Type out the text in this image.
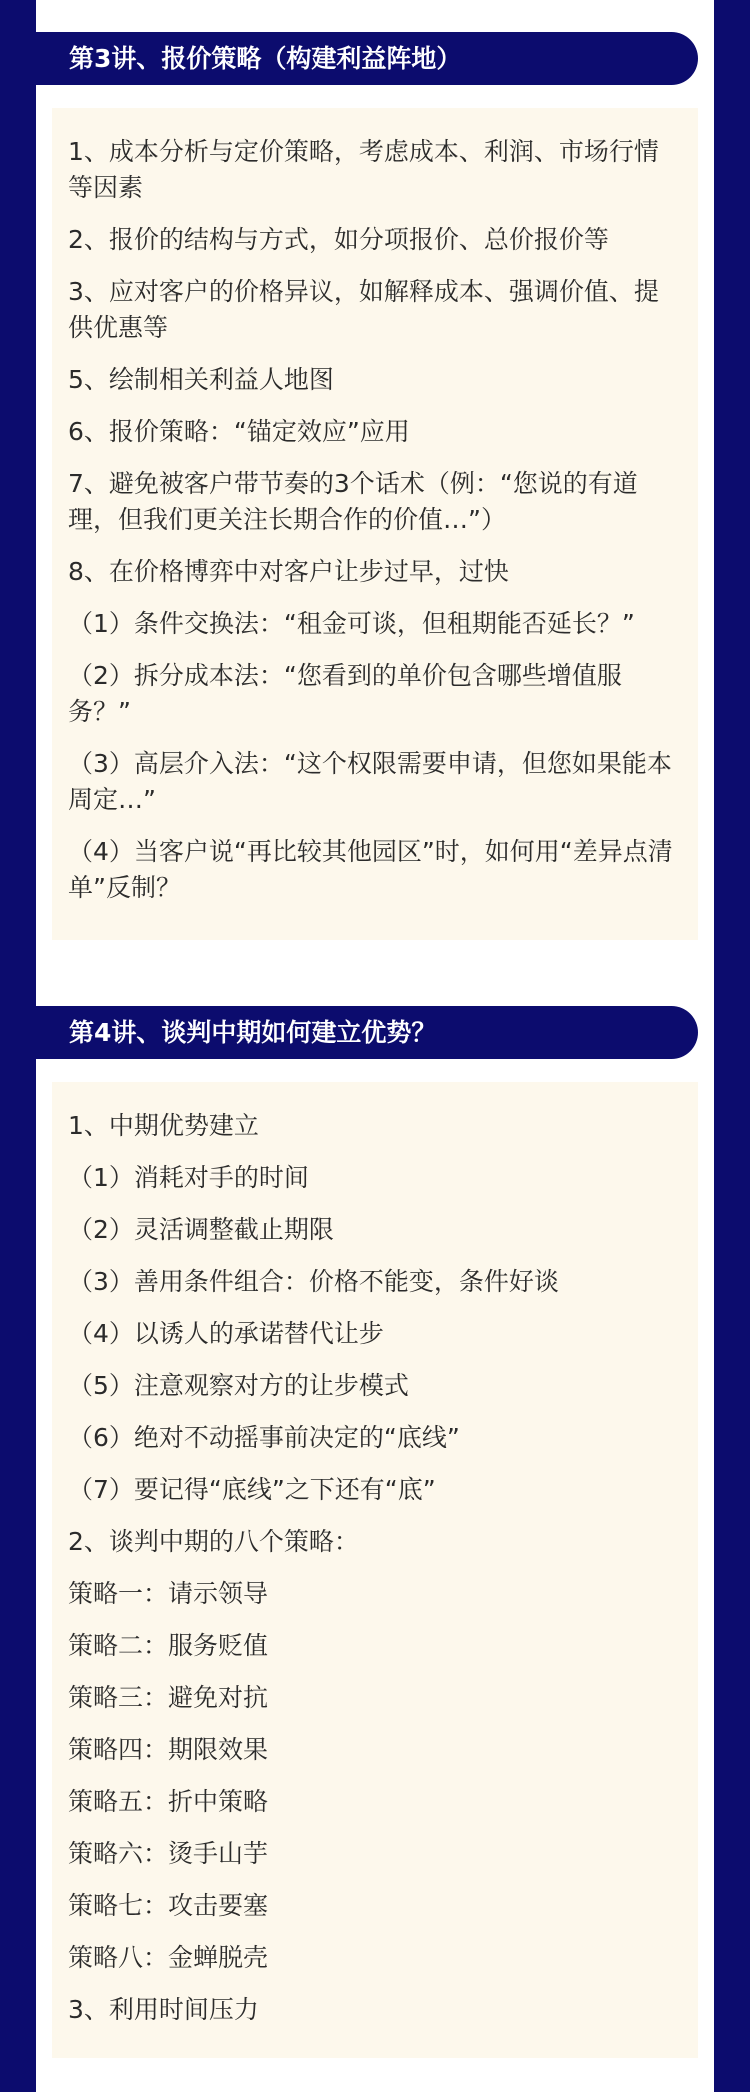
第3讲、报价策略（构建利益阵地）

1、成本分析与定价策略，考虑成本、利润、市场行情等因素

2、报价的结构与方式，如分项报价、总价报价等

3、应对客户的价格异议，如解释成本、强调价值、提供优惠等

5、绘制相关利益人地图

6、报价策略：“锚定效应”应用

7、避免被客户带节奏的3个话术（例：“您说的有道理，但我们更关注长期合作的价值…”）

8、在价格博弈中对客户让步过早，过快

（1）条件交换法：“租金可谈，但租期能否延长？”

（2）拆分成本法：“您看到的单价包含哪些增值服务？”

（3）高层介入法：“这个权限需要申请，但您如果能本周定…”

（4）当客户说“再比较其他园区”时，如何用“差异点清单”反制？

第4讲、谈判中期如何建立优势？

1、中期优势建立

（1）消耗对手的时间

（2）灵活调整截止期限

（3）善用条件组合：价格不能变，条件好谈

（4）以诱人的承诺替代让步

（5）注意观察对方的让步模式

（6）绝对不动摇事前决定的“底线”

（7）要记得“底线”之下还有“底”

2、谈判中期的八个策略：

策略一：请示领导

策略二：服务贬值

策略三：避免对抗

策略四：期限效果

策略五：折中策略

策略六：烫手山芋

策略七：攻击要塞

策略八：金蝉脱壳

3、利用时间压力
